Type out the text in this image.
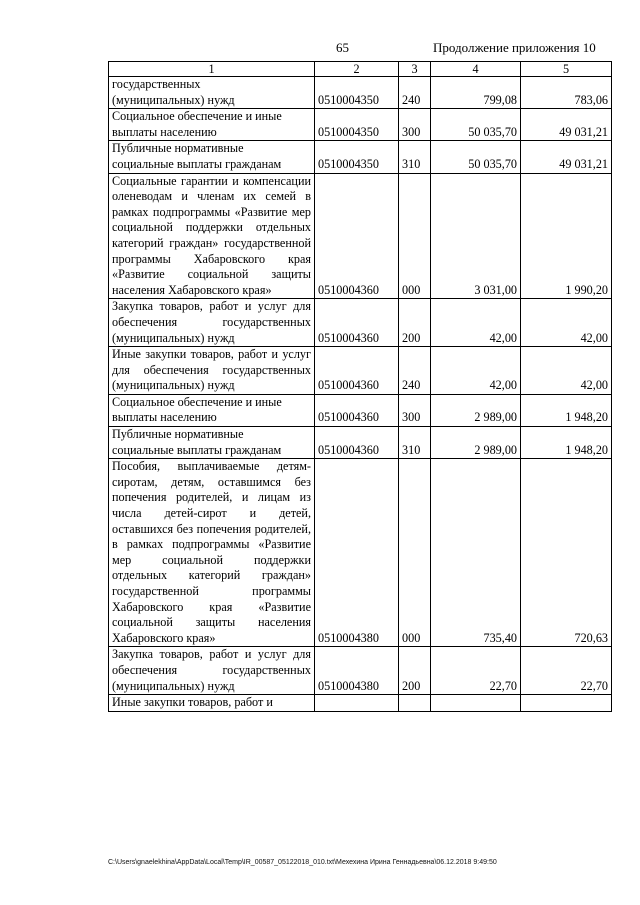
65	Продолжение приложения 10
1	2	3	4	5
государственных
(муниципальных) нужд	0510004350	240	799,08	783,06
Социальное обеспечение и иные
выплаты населению	0510004350	300	50 035,70	49 031,21
Публичные нормативные
социальные выплаты гражданам	0510004350	310	50 035,70	49 031,21
Социальные гарантии и компенсации оленеводам и членам их семей в рамках подпрограммы «Развитие мер социальной поддержки отдельных категорий граждан» государственной программы Хабаровского края «Развитие социальной защиты населения Хабаровского края»	0510004360	000	3 031,00	1 990,20
Закупка товаров, работ и услуг для обеспечения государственных (муниципальных) нужд	0510004360	200	42,00	42,00
Иные закупки товаров, работ и услуг для обеспечения государственных (муниципальных) нужд	0510004360	240	42,00	42,00
Социальное обеспечение и иные
выплаты населению	0510004360	300	2 989,00	1 948,20
Публичные нормативные
социальные выплаты гражданам	0510004360	310	2 989,00	1 948,20
Пособия, выплачиваемые детям-сиротам, детям, оставшимся без попечения родителей, и лицам из числа детей-сирот и детей, оставшихся без попечения родителей, в рамках подпрограммы «Развитие мер социальной поддержки отдельных категорий граждан» государственной программы Хабаровского края «Развитие социальной защиты населения Хабаровского края»	0510004380	000	735,40	720,63
Закупка товаров, работ и услуг для обеспечения государственных (муниципальных) нужд	0510004380	200	22,70	22,70
Иные закупки товаров, работ и				
C:\Users\gnaelekhina\AppData\Local\Temp\IR_00587_05122018_010.txt\Мехехина Ирина Геннадьевна\06.12.2018 9:49:50
